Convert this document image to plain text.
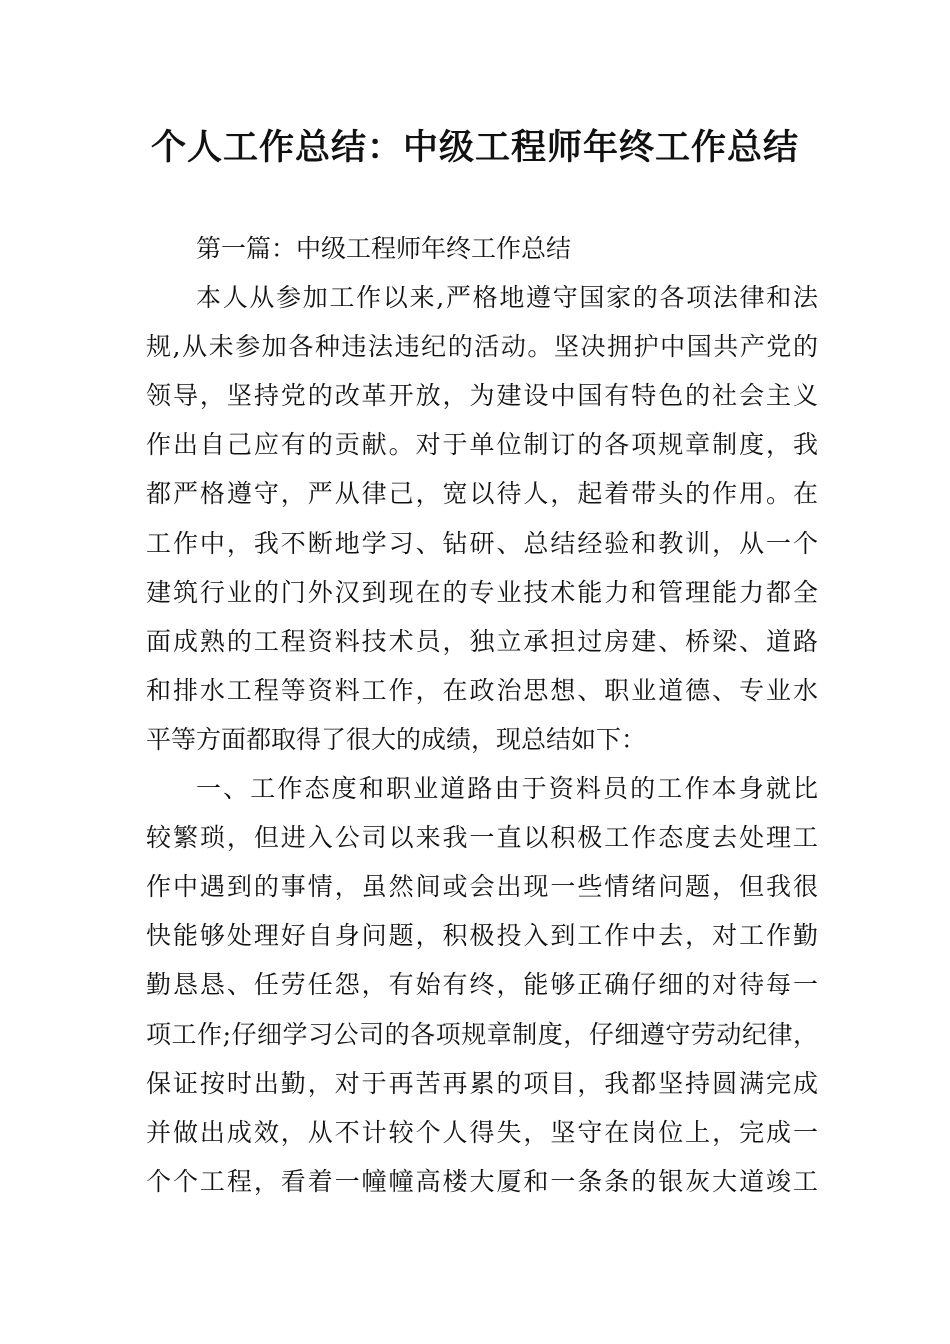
个人工作总结：中级工程师年终工作总结
第一篇：中级工程师年终工作总结
本人从参加工作以来,严格地遵守国家的各项法律和法
规,从未参加各种违法违纪的活动。坚决拥护中国共产党的
领导，坚持党的改革开放，为建设中国有特色的社会主义
作出自己应有的贡献。对于单位制订的各项规章制度，我
都严格遵守，严从律己，宽以待人，起着带头的作用。在
工作中，我不断地学习、钻研、总结经验和教训，从一个
建筑行业的门外汉到现在的专业技术能力和管理能力都全
面成熟的工程资料技术员，独立承担过房建、桥梁、道路
和排水工程等资料工作，在政治思想、职业道德、专业水
平等方面都取得了很大的成绩，现总结如下：
一、工作态度和职业道路由于资料员的工作本身就比
较繁琐，但进入公司以来我一直以积极工作态度去处理工
作中遇到的事情，虽然间或会出现一些情绪问题，但我很
快能够处理好自身问题，积极投入到工作中去，对工作勤
勤恳恳、任劳任怨，有始有终，能够正确仔细的对待每一
项工作;仔细学习公司的各项规章制度，仔细遵守劳动纪律，
保证按时出勤，对于再苦再累的项目，我都坚持圆满完成
并做出成效，从不计较个人得失，坚守在岗位上，完成一
个个工程，看着一幢幢高楼大厦和一条条的银灰大道竣工
